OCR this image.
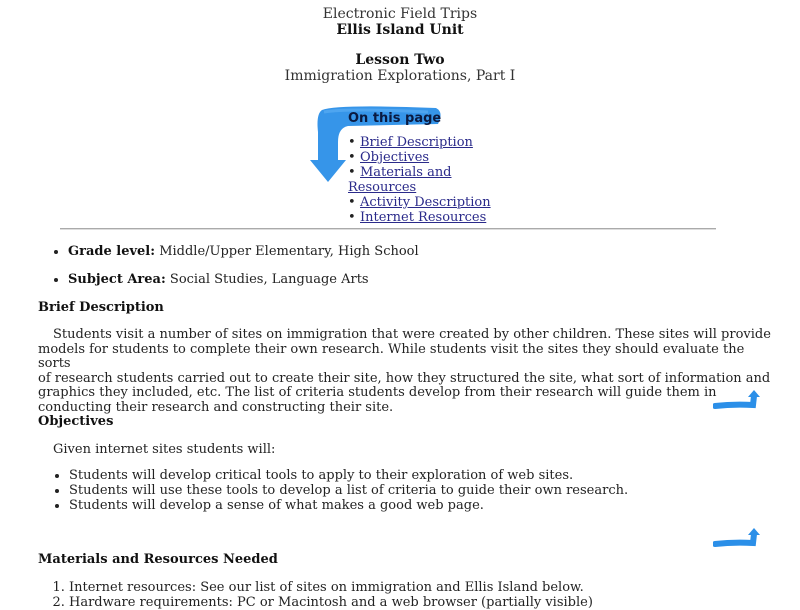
Electronic Field Trips
Ellis Island Unit
Lesson Two
Immigration Explorations, Part I
On this page
• Brief Description
• Objectives
• Materials and
Resources
• Activity Description
• Internet Resources
• Grade level: Middle/Upper Elementary, High School
• Subject Area: Social Studies, Language Arts
Brief Description
Students visit a number of sites on immigration that were created by other children. These sites will provide
models for students to complete their own research. While students visit the sites they should evaluate the sorts
of research students carried out to create their site, how they structured the site, what sort of information and
graphics they included, etc. The list of criteria students develop from their research will guide them in
conducting their research and constructing their site.
Objectives
Given internet sites students will:
• Students will develop critical tools to apply to their exploration of web sites.
• Students will use these tools to develop a list of criteria to guide their own research.
• Students will develop a sense of what makes a good web page.
Materials and Resources Needed
1. Internet resources: See our list of sites on immigration and Ellis Island below.
2. Hardware requirements: PC or Macintosh and a web browser (partially visible)
